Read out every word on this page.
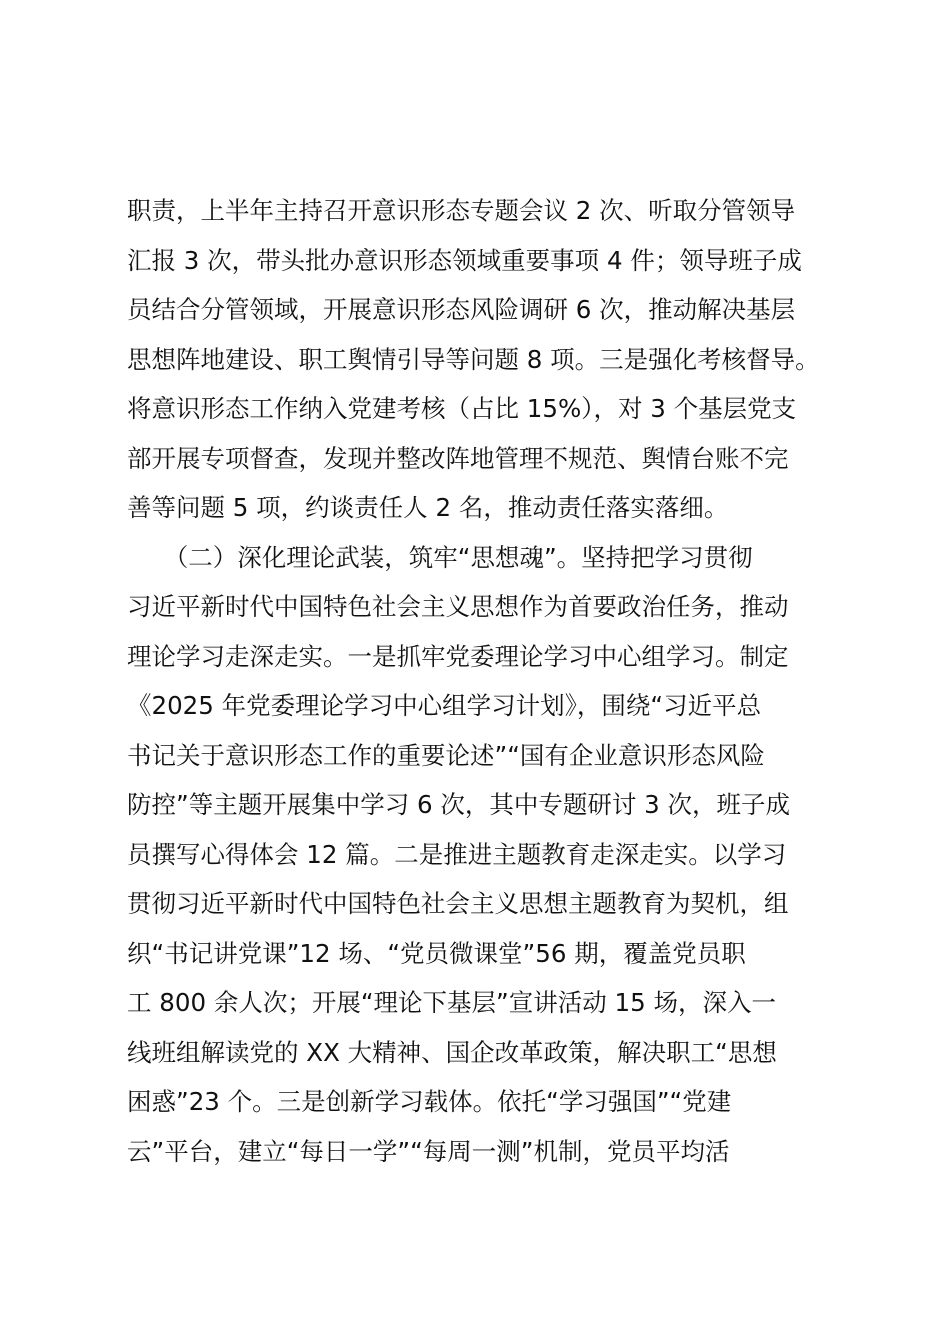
职责，上半年主持召开意识形态专题会议 2 次、听取分管领导
汇报 3 次，带头批办意识形态领域重要事项 4 件；领导班子成
员结合分管领域，开展意识形态风险调研 6 次，推动解决基层
思想阵地建设、职工舆情引导等问题 8 项。三是强化考核督导。
将意识形态工作纳入党建考核（占比 15%），对 3 个基层党支
部开展专项督查，发现并整改阵地管理不规范、舆情台账不完
善等问题 5 项，约谈责任人 2 名，推动责任落实落细。
　　（二）深化理论武装，筑牢“思想魂”。坚持把学习贯彻
习近平新时代中国特色社会主义思想作为首要政治任务，推动
理论学习走深走实。一是抓牢党委理论学习中心组学习。制定
《2025 年党委理论学习中心组学习计划》，围绕“习近平总
书记关于意识形态工作的重要论述”“国有企业意识形态风险
防控”等主题开展集中学习 6 次，其中专题研讨 3 次，班子成
员撰写心得体会 12 篇。二是推进主题教育走深走实。以学习
贯彻习近平新时代中国特色社会主义思想主题教育为契机，组
织“书记讲党课”12 场、“党员微课堂”56 期，覆盖党员职
工 800 余人次；开展“理论下基层”宣讲活动 15 场，深入一
线班组解读党的 XX 大精神、国企改革政策，解决职工“思想
困惑”23 个。三是创新学习载体。依托“学习强国”“党建
云”平台，建立“每日一学”“每周一测”机制，党员平均活
